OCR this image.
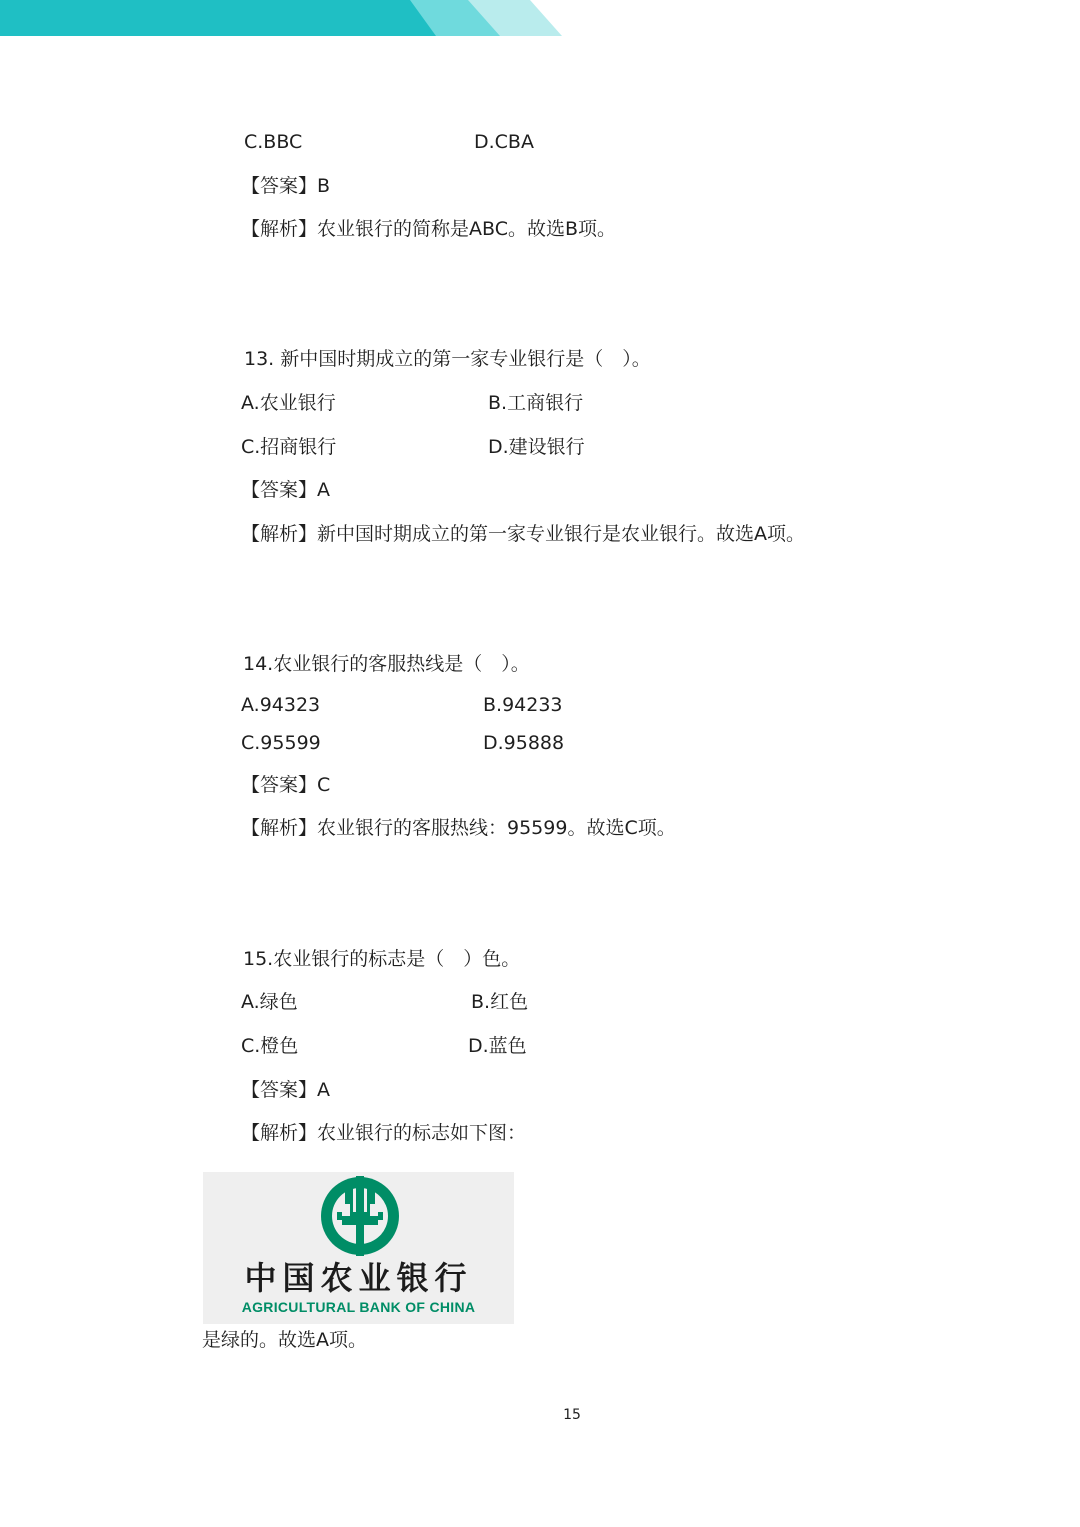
C.BBC	D.CBA
【答案】B
【解析】农业银行的简称是ABC。故选B项。
13. 新中国时期成立的第一家专业银行是（　）。
A.农业银行	B.工商银行
C.招商银行	D.建设银行
【答案】A
【解析】新中国时期成立的第一家专业银行是农业银行。故选A项。
14.农业银行的客服热线是（　）。
A.94323	B.94233
C.95599	D.95888
【答案】C
【解析】农业银行的客服热线：95599。故选C项。
15.农业银行的标志是（　）色。
A.绿色	B.红色
C.橙色	D.蓝色
【答案】A
【解析】农业银行的标志如下图：
中国农业银行
AGRICULTURAL BANK OF CHINA
是绿的。故选A项。
15
